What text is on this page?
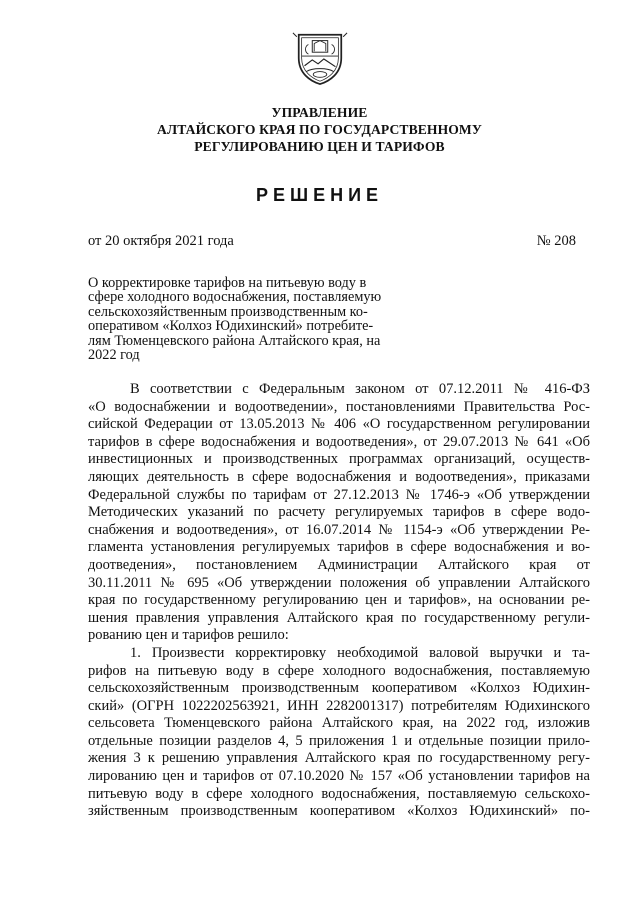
УПРАВЛЕНИЕ
АЛТАЙСКОГО КРАЯ ПО ГОСУДАРСТВЕННОМУ
РЕГУЛИРОВАНИЮ ЦЕН И ТАРИФОВ
РЕШЕНИЕ
от 20 октября 2021 года	№ 208
О корректировке тарифов на питьевую воду в
сфере холодного водоснабжения, поставляемую
сельскохозяйственным производственным ко-
оперативом «Колхоз Юдихинский» потребите-
лям Тюменцевского района Алтайского края, на
2022 год
В соответствии с Федеральным законом от 07.12.2011 № 416-ФЗ
«О водоснабжении и водоотведении», постановлениями Правительства Рос-
сийской Федерации от 13.05.2013 № 406 «О государственном регулировании
тарифов в сфере водоснабжения и водоотведения», от 29.07.2013 № 641 «Об
инвестиционных и производственных программах организаций, осуществ-
ляющих деятельность в сфере водоснабжения и водоотведения», приказами
Федеральной службы по тарифам от 27.12.2013 № 1746-э «Об утверждении
Методических указаний по расчету регулируемых тарифов в сфере водо-
снабжения и водоотведения», от 16.07.2014 № 1154-э «Об утверждении Ре-
гламента установления регулируемых тарифов в сфере водоснабжения и во-
доотведения», постановлением Администрации Алтайского края от
30.11.2011 № 695 «Об утверждении положения об управлении Алтайского
края по государственному регулированию цен и тарифов», на основании ре-
шения правления управления Алтайского края по государственному регули-
рованию цен и тарифов решило:
1. Произвести корректировку необходимой валовой выручки и та-
рифов на питьевую воду в сфере холодного водоснабжения, поставляемую
сельскохозяйственным производственным кооперативом «Колхоз Юдихин-
ский» (ОГРН 1022202563921, ИНН 2282001317) потребителям Юдихинского
сельсовета Тюменцевского района Алтайского края, на 2022 год, изложив
отдельные позиции разделов 4, 5 приложения 1 и отдельные позиции прило-
жения 3 к решению управления Алтайского края по государственному регу-
лированию цен и тарифов от 07.10.2020 № 157 «Об установлении тарифов на
питьевую воду в сфере холодного водоснабжения, поставляемую сельскохо-
зяйственным производственным кооперативом «Колхоз Юдихинский» по-
